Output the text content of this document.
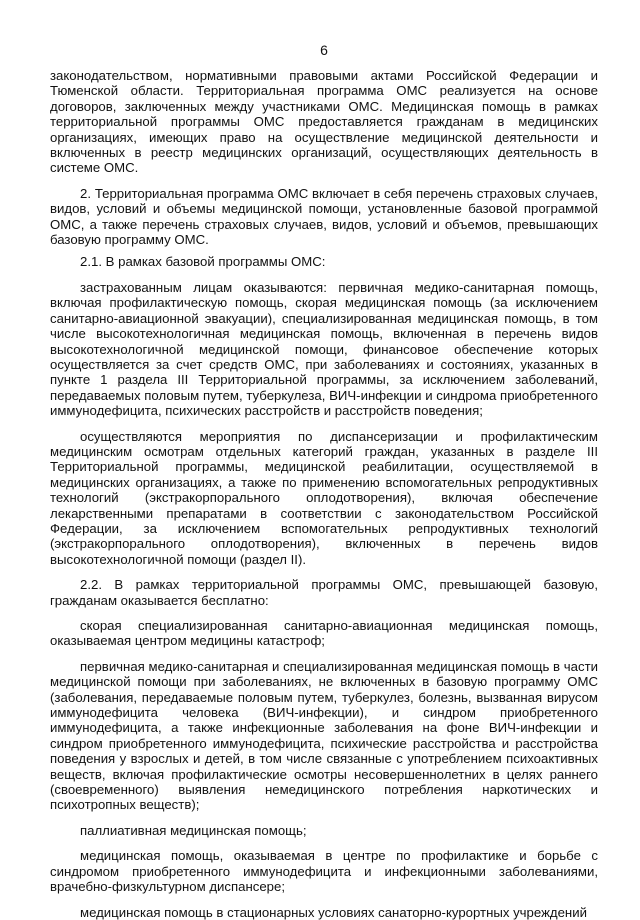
6

законодательством, нормативными правовыми актами Российской Федерации и Тюменской области. Территориальная программа ОМС реализуется на основе договоров, заключенных между участниками ОМС. Медицинская помощь в рамках территориальной программы ОМС предоставляется гражданам в медицинских организациях, имеющих право на осуществление медицинской деятельности и включенных в реестр медицинских организаций, осуществляющих деятельность в системе ОМС.

2. Территориальная программа ОМС включает в себя перечень страховых случаев, видов, условий и объемы медицинской помощи, установленные базовой программой ОМС, а также перечень страховых случаев, видов, условий и объемов, превышающих базовую программу ОМС.

2.1. В рамках базовой программы ОМС:

застрахованным лицам оказываются: первичная медико-санитарная помощь, включая профилактическую помощь, скорая медицинская помощь (за исключением санитарно-авиационной эвакуации), специализированная медицинская помощь, в том числе высокотехнологичная медицинская помощь, включенная в перечень видов высокотехнологичной медицинской помощи, финансовое обеспечение которых осуществляется за счет средств ОМС, при заболеваниях и состояниях, указанных в пункте 1 раздела III Территориальной программы, за исключением заболеваний, передаваемых половым путем, туберкулеза, ВИЧ-инфекции и синдрома приобретенного иммунодефицита, психических расстройств и расстройств поведения;

осуществляются мероприятия по диспансеризации и профилактическим медицинским осмотрам отдельных категорий граждан, указанных в разделе III Территориальной программы, медицинской реабилитации, осуществляемой в медицинских организациях, а также по применению вспомогательных репродуктивных технологий (экстракорпорального оплодотворения), включая обеспечение лекарственными препаратами в соответствии с законодательством Российской Федерации, за исключением вспомогательных репродуктивных технологий (экстракорпорального оплодотворения), включенных в перечень видов высокотехнологичной помощи (раздел II).

2.2. В рамках территориальной программы ОМС, превышающей базовую, гражданам оказывается бесплатно:

скорая специализированная санитарно-авиационная медицинская помощь, оказываемая центром медицины катастроф;

первичная медико-санитарная и специализированная медицинская помощь в части медицинской помощи при заболеваниях, не включенных в базовую программу ОМС (заболевания, передаваемые половым путем, туберкулез, болезнь, вызванная вирусом иммунодефицита человека (ВИЧ-инфекции), и синдром приобретенного иммунодефицита, а также инфекционные заболевания на фоне ВИЧ-инфекции и синдром приобретенного иммунодефицита, психические расстройства и расстройства поведения у взрослых и детей, в том числе связанные с употреблением психоактивных веществ, включая профилактические осмотры несовершеннолетних в целях раннего (своевременного) выявления немедицинского потребления наркотических и психотропных веществ);

паллиативная медицинская помощь;

медицинская помощь, оказываемая в центре по профилактике и борьбе с синдромом приобретенного иммунодефицита и инфекционными заболеваниями, врачебно-физкультурном диспансере;

медицинская помощь в стационарных условиях санаторно-курортных учреждений
